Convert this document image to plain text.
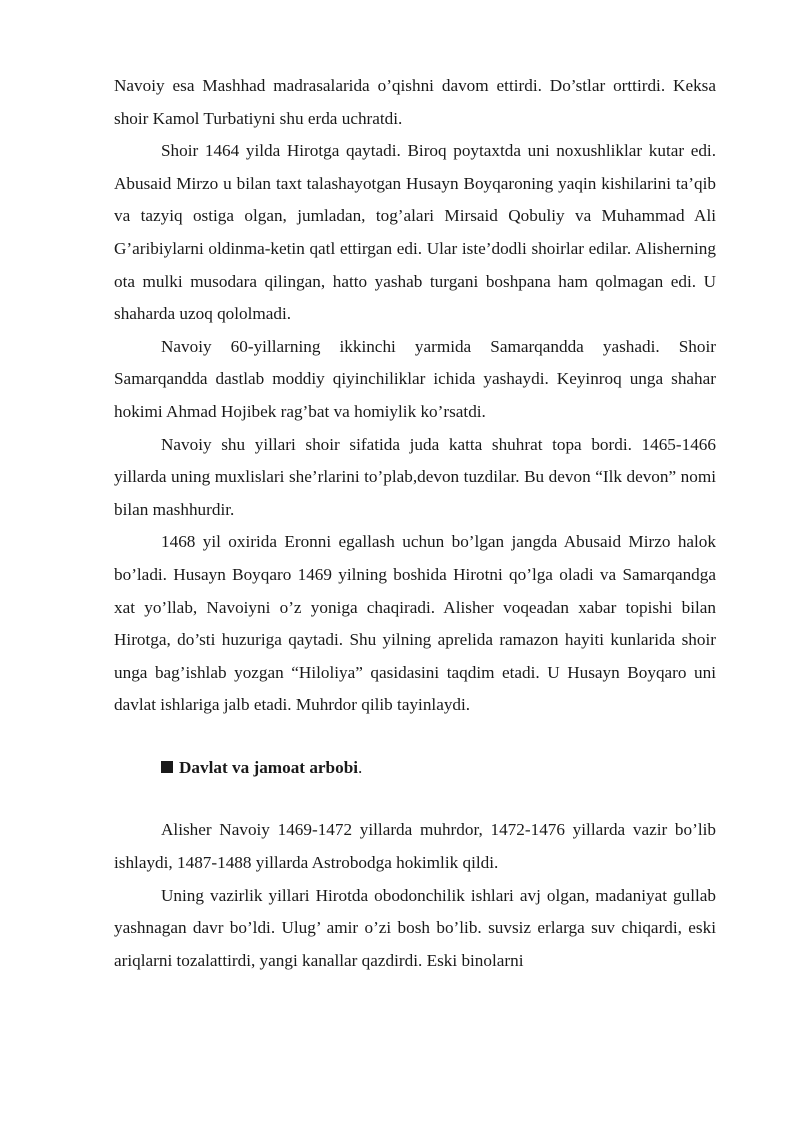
Navoiy esa Mashhad madrasalarida o’qishni davom ettirdi. Do’stlar orttirdi. Keksa shoir Kamol Turbatiyni shu erda uchratdi.

Shoir 1464 yilda Hirotga qaytadi. Biroq poytaxtda uni noxushliklar kutar edi. Abusaid Mirzo u bilan taxt talashayotgan Husayn Boyqaroning yaqin kishilarini ta’qib va tazyiq ostiga olgan, jumladan, tog’alari Mirsaid Qobuliy va Muhammad Ali G’aribiylarni oldinma-ketin qatl ettirgan edi. Ular iste’dodli shoirlar edilar. Alisherning ota mulki musodara qilingan, hatto yashab turgani boshpana ham qolmagan edi. U shaharda uzoq qololmadi.

Navoiy 60-yillarning ikkinchi yarmida Samarqandda yashadi. Shoir Samarqandda dastlab moddiy qiyinchiliklar ichida yashaydi. Keyinroq unga shahar hokimi Ahmad Hojibek rag’bat va homiylik ko’rsatdi.

Navoiy shu yillari shoir sifatida juda katta shuhrat topa bordi. 1465-1466 yillarda uning muxlislari she’rlarini to’plab,devon tuzdilar. Bu devon “Ilk devon” nomi bilan mashhurdir.

1468 yil oxirida Eronni egallash uchun bo’lgan jangda Abusaid Mirzo halok bo’ladi. Husayn Boyqaro 1469 yilning boshida Hirotni qo’lga oladi va Samarqandga xat yo’llab, Navoiyni o’z yoniga chaqiradi. Alisher voqeadan xabar topishi bilan Hirotga, do’sti huzuriga qaytadi. Shu yilning aprelida ramazon hayiti kunlarida shoir unga bag’ishlab yozgan “Hiloliya” qasidasini taqdim etadi. U Husayn Boyqaro uni davlat ishlariga jalb etadi. Muhrdor qilib tayinlaydi.

Davlat va jamoat arbobi.

Alisher Navoiy 1469-1472 yillarda muhrdor, 1472-1476 yillarda vazir bo’lib ishlaydi, 1487-1488 yillarda Astrobodga hokimlik qildi.

Uning vazirlik yillari Hirotda obodonchilik ishlari avj olgan, madaniyat gullab yashnagan davr bo’ldi. Ulug’ amir o’zi bosh bo’lib. suvsiz erlarga suv chiqardi, eski ariqlarni tozalattirdi, yangi kanallar qazdirdi. Eski binolarni
